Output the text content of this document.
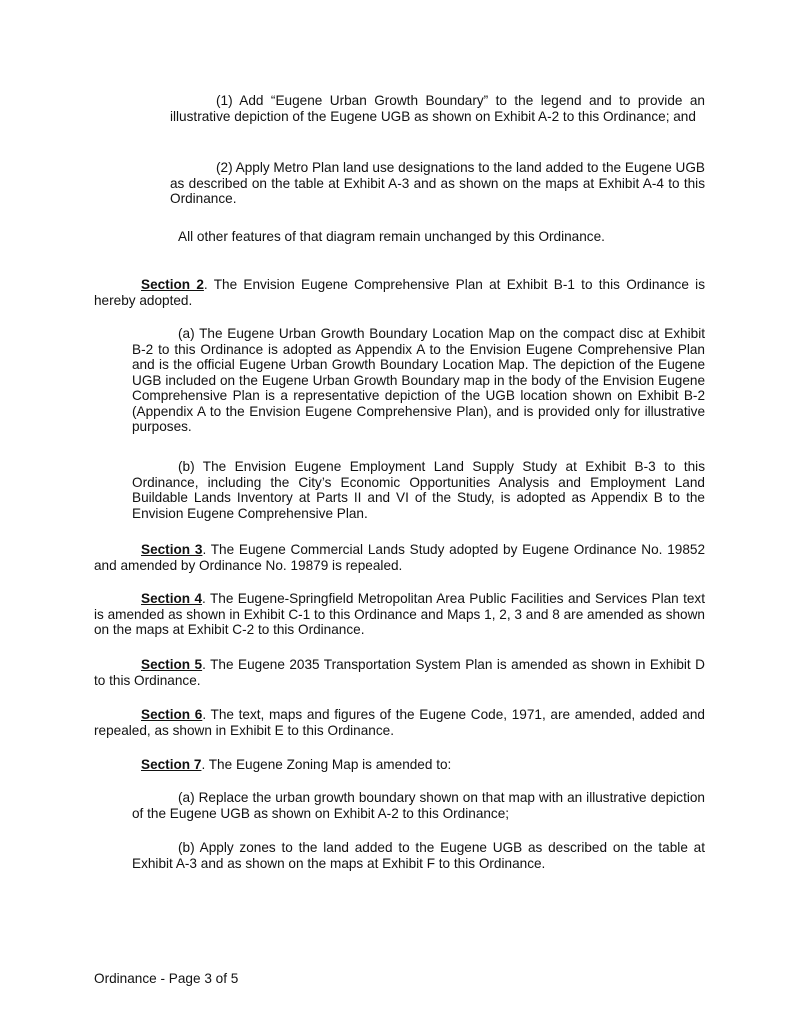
(1) Add “Eugene Urban Growth Boundary” to the legend and to provide an illustrative depiction of the Eugene UGB as shown on Exhibit A-2 to this Ordinance; and

(2) Apply Metro Plan land use designations to the land added to the Eugene UGB as described on the table at Exhibit A-3 and as shown on the maps at Exhibit A-4 to this Ordinance.

All other features of that diagram remain unchanged by this Ordinance.

Section 2. The Envision Eugene Comprehensive Plan at Exhibit B-1 to this Ordinance is hereby adopted.

(a) The Eugene Urban Growth Boundary Location Map on the compact disc at Exhibit B-2 to this Ordinance is adopted as Appendix A to the Envision Eugene Comprehensive Plan and is the official Eugene Urban Growth Boundary Location Map. The depiction of the Eugene UGB included on the Eugene Urban Growth Boundary map in the body of the Envision Eugene Comprehensive Plan is a representative depiction of the UGB location shown on Exhibit B-2 (Appendix A to the Envision Eugene Comprehensive Plan), and is provided only for illustrative purposes.

(b) The Envision Eugene Employment Land Supply Study at Exhibit B-3 to this Ordinance, including the City’s Economic Opportunities Analysis and Employment Land Buildable Lands Inventory at Parts II and VI of the Study, is adopted as Appendix B to the Envision Eugene Comprehensive Plan.

Section 3. The Eugene Commercial Lands Study adopted by Eugene Ordinance No. 19852 and amended by Ordinance No. 19879 is repealed.

Section 4. The Eugene-Springfield Metropolitan Area Public Facilities and Services Plan text is amended as shown in Exhibit C-1 to this Ordinance and Maps 1, 2, 3 and 8 are amended as shown on the maps at Exhibit C-2 to this Ordinance.

Section 5. The Eugene 2035 Transportation System Plan is amended as shown in Exhibit D to this Ordinance.

Section 6. The text, maps and figures of the Eugene Code, 1971, are amended, added and repealed, as shown in Exhibit E to this Ordinance.

Section 7. The Eugene Zoning Map is amended to:

(a) Replace the urban growth boundary shown on that map with an illustrative depiction of the Eugene UGB as shown on Exhibit A-2 to this Ordinance;

(b) Apply zones to the land added to the Eugene UGB as described on the table at Exhibit A-3 and as shown on the maps at Exhibit F to this Ordinance.

Ordinance - Page 3 of 5
